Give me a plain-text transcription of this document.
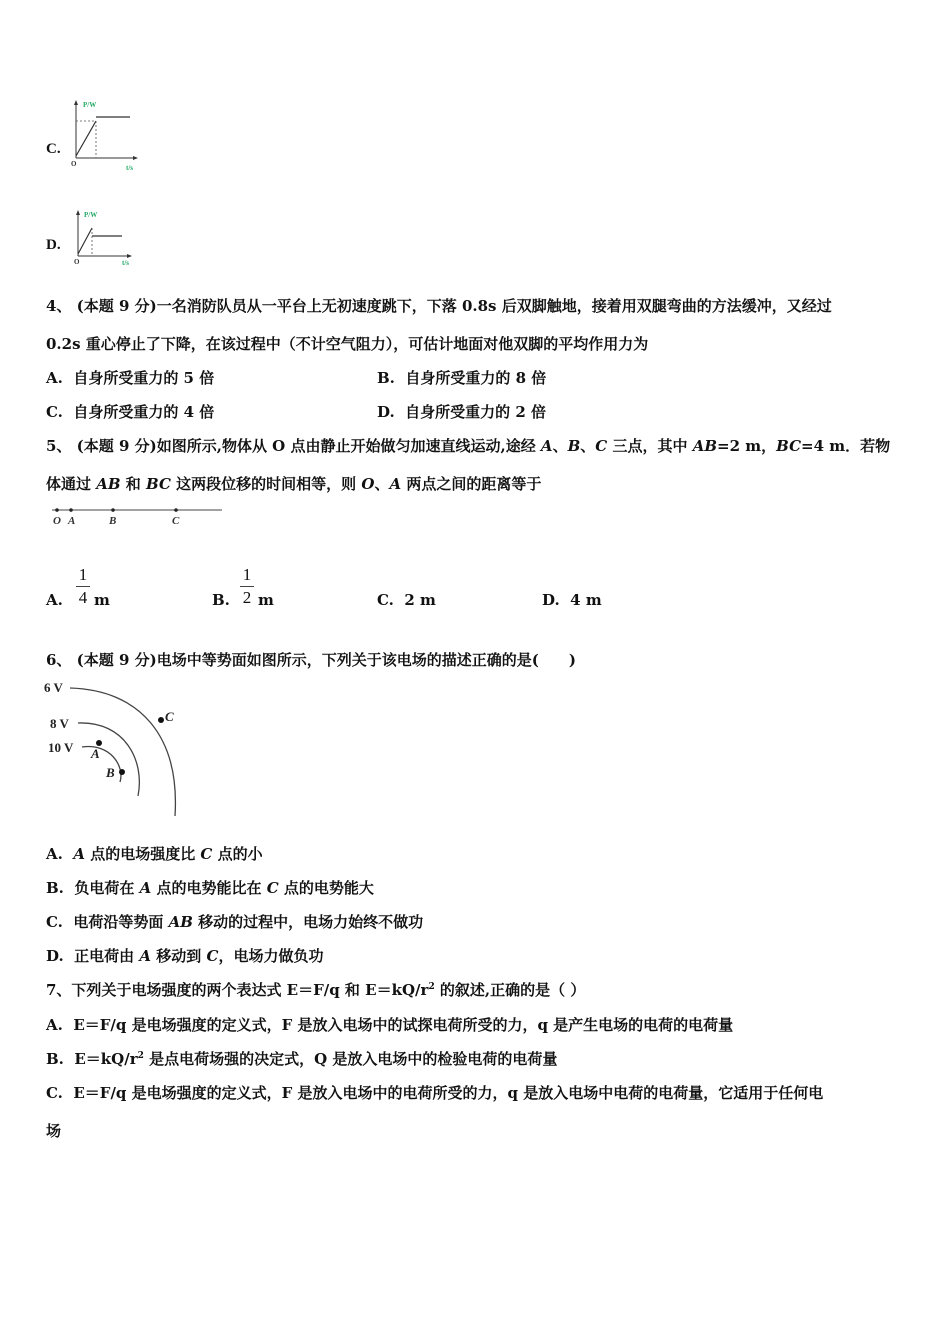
C.
P/W
O	t/s
D.
P/W
O	t/s
4、 (本题 9 分)一名消防队员从一平台上无初速度跳下，下落 0.8s 后双脚触地，接着用双腿弯曲的方法缓冲，又经过
0.2s 重心停止了下降，在该过程中（不计空气阻力），可估计地面对他双脚的平均作用力为
A. 自身所受重力的 5 倍	B. 自身所受重力的 8 倍
C. 自身所受重力的 4 倍	D. 自身所受重力的 2 倍
5、 (本题 9 分)如图所示,物体从 O 点由静止开始做匀加速直线运动,途经 A、B、C 三点，其中 AB=2 m，BC=4 m．若物
体通过 AB 和 BC 这两段位移的时间相等，则 O、A 两点之间的距离等于
O A	B	C
A.
1
4 m	B.
1
2 m	C. 2 m	D. 4 m
6、 (本题 9 分)电场中等势面如图所示，下列关于该电场的描述正确的是(　　)
6 V
8 V
10 V A
B
C
A. A 点的电场强度比 C 点的小
B. 负电荷在 A 点的电势能比在 C 点的电势能大
C. 电荷沿等势面 AB 移动的过程中，电场力始终不做功
D. 正电荷由 A 移动到 C，电场力做负功
7、下列关于电场强度的两个表达式 E＝F/q 和 $E=kQ/r^2$ 的叙述,正确的是（ ）
A. E＝F/q 是电场强度的定义式，F 是放入电场中的试探电荷所受的力，q 是产生电场的电荷的电荷量
B. $E=kQ/r^2$ 是点电荷场强的决定式，Q 是放入电场中的检验电荷的电荷量
C. E＝F/q 是电场强度的定义式，F 是放入电场中的电荷所受的力，q 是放入电场中电荷的电荷量，它适用于任何电
场
